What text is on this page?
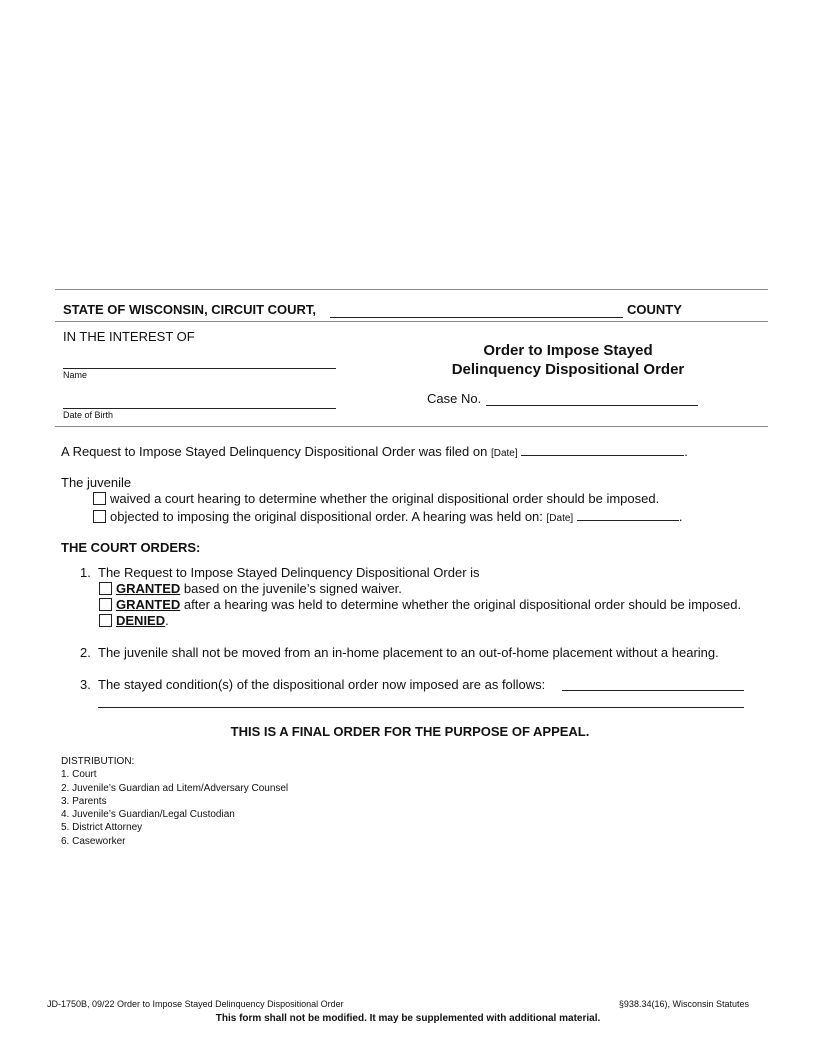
STATE OF WISCONSIN, CIRCUIT COURT,	COUNTY
IN THE INTEREST OF
Name
Date of Birth
Order to Impose Stayed
Delinquency Dispositional Order
Case No.
A Request to Impose Stayed Delinquency Dispositional Order was filed on [Date]	.
The juvenile
waived a court hearing to determine whether the original dispositional order should be imposed.
objected to imposing the original dispositional order. A hearing was held on: [Date]	.
THE COURT ORDERS:
1. The Request to Impose Stayed Delinquency Dispositional Order is
GRANTED based on the juvenile’s signed waiver.
GRANTED after a hearing was held to determine whether the original dispositional order should be imposed.
DENIED.
2. The juvenile shall not be moved from an in-home placement to an out-of-home placement without a hearing.
3. The stayed condition(s) of the dispositional order now imposed are as follows:
THIS IS A FINAL ORDER FOR THE PURPOSE OF APPEAL.
DISTRIBUTION:
1. Court
2. Juvenile’s Guardian ad Litem/Adversary Counsel
3. Parents
4. Juvenile’s Guardian/Legal Custodian
5. District Attorney
6. Caseworker
JD-1750B, 09/22 Order to Impose Stayed Delinquency Dispositional Order	§938.34(16), Wisconsin Statutes
This form shall not be modified. It may be supplemented with additional material.
